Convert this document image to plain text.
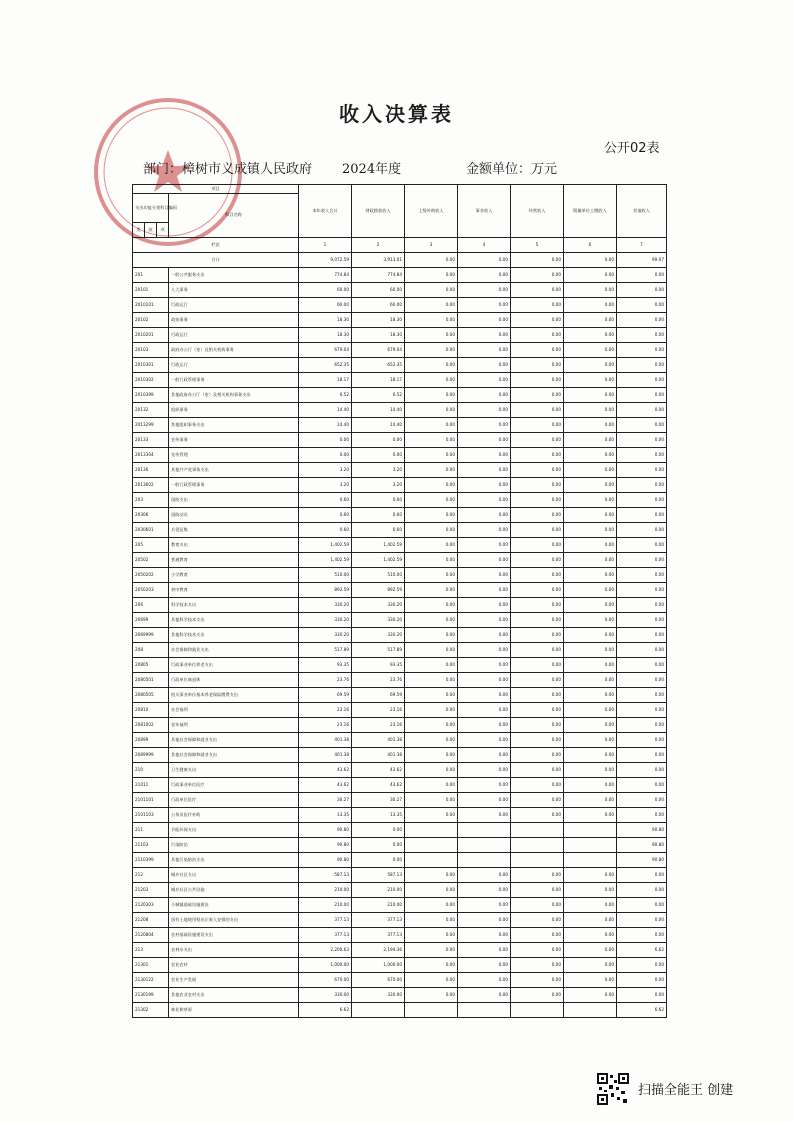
收入决算表
公开02表
部门：樟树市义成镇人民政府 2024年度	金额单位：万元
项目				本年收入合计	财政拨款收入	上级补助收入	事业收入	经营收入	附属单位上缴收入	其他收入
支出功能分类科目编码			科目名称							
类	款	项								
栏次				1	2	3	4	5	6	7
合计				9,072.59	3,913.01	0.00	0.00	0.00	0.00	99.07
201			一般公共服务支出	774.84	774.84	0.00	0.00	0.00	0.00	0.00
20101			人大事务	60.00	60.00	0.00	0.00	0.00	0.00	0.00
2010101			行政运行	60.00	60.00	0.00	0.00	0.00	0.00	0.00
20102			政协事务	18.30	18.30	0.00	0.00	0.00	0.00	0.00
2010201			行政运行	18.30	18.30	0.00	0.00	0.00	0.00	0.00
20103			政府办公厅（室）及相关机构事务	679.04	679.04	0.00	0.00	0.00	0.00	0.00
2010301			行政运行	652.35	652.35	0.00	0.00	0.00	0.00	0.00
2010302			一般行政管理事务	18.17	18.17	0.00	0.00	0.00	0.00	0.00
2010399			其他政府办公厅（室）及相关机构事务支出	6.52	6.52	0.00	0.00	0.00	0.00	0.00
20132			组织事务	14.40	14.40	0.00	0.00	0.00	0.00	0.00
2013299			其他组织事务支出	14.40	14.40	0.00	0.00	0.00	0.00	0.00
20133			宣传事务	0.00	0.00	0.00	0.00	0.00	0.00	0.00
2013304			宣传管理	0.00	0.00	0.00	0.00	0.00	0.00	0.00
20136			其他共产党事务支出	3.20	3.20	0.00	0.00	0.00	0.00	0.00
2013602			一般行政管理事务	3.20	3.20	0.00	0.00	0.00	0.00	0.00
203			国防支出	0.60	0.60	0.00	0.00	0.00	0.00	0.00
20306			国防动员	0.60	0.60	0.00	0.00	0.00	0.00	0.00
2030601			兵役征集	0.60	0.60	0.00	0.00	0.00	0.00	0.00
205			教育支出	1,402.59	1,402.59	0.00	0.00	0.00	0.00	0.00
20502			普通教育	1,402.59	1,402.59	0.00	0.00	0.00	0.00	0.00
2050202			小学教育	510.00	510.00	0.00	0.00	0.00	0.00	0.00
2050203			初中教育	892.59	892.59	0.00	0.00	0.00	0.00	0.00
206			科学技术支出	330.20	330.20	0.00	0.00	0.00	0.00	0.00
20699			其他科学技术支出	330.20	330.20	0.00	0.00	0.00	0.00	0.00
2069999			其他科学技术支出	330.20	330.20	0.00	0.00	0.00	0.00	0.00
208			社会保障和就业支出	517.89	517.89	0.00	0.00	0.00	0.00	0.00
20805			行政事业单位养老支出	93.35	93.35	0.00	0.00	0.00	0.00	0.00
2080501			行政单位离退休	23.76	23.76	0.00	0.00	0.00	0.00	0.00
2080505			机关事业单位基本养老保险缴费支出	69.59	69.59	0.00	0.00	0.00	0.00	0.00
20810			社会福利	23.16	23.16	0.00	0.00	0.00	0.00	0.00
2081002			老年福利	23.16	23.16	0.00	0.00	0.00	0.00	0.00
20899			其他社会保障和就业支出	401.38	401.38	0.00	0.00	0.00	0.00	0.00
2089999			其他社会保障和就业支出	401.38	401.38	0.00	0.00	0.00	0.00	0.00
210			卫生健康支出	43.62	43.62	0.00	0.00	0.00	0.00	0.00
21011			行政事业单位医疗	43.62	43.62	0.00	0.00	0.00	0.00	0.00
2101101			行政单位医疗	30.27	30.27	0.00	0.00	0.00	0.00	0.00
2101103			公务员医疗补助	13.35	13.35	0.00	0.00	0.00	0.00	0.00
211			节能环保支出	90.80	0.00					90.80
21103			污染防治	90.80	0.00					90.80
2110399			其他污染防治支出	90.80	0.00					90.80
212			城乡社区支出	587.13	587.13	0.00	0.00	0.00	0.00	0.00
21203			城乡社区公共设施	210.00	210.00	0.00	0.00	0.00	0.00	0.00
2120303			小城镇基础设施建设	210.00	210.00	0.00	0.00	0.00	0.00	0.00
21208			国有土地使用权出让收入安排的支出	377.13	377.13	0.00	0.00	0.00	0.00	0.00
2120804			农村基础设施建设支出	377.13	377.13	0.00	0.00	0.00	0.00	0.00
213			农林水支出	2,200.63	2,194.36	0.00	0.00	0.00	0.00	6.62
21301			农业农村	1,000.00	1,000.00	0.00	0.00	0.00	0.00	0.00
2130122			农业生产发展	670.00	670.00	0.00	0.00	0.00	0.00	0.00
2130199			其他农业农村支出	330.00	330.00	0.00	0.00	0.00	0.00	0.00
21302			林业和草原	6.62						6.62
扫描全能王 创建
